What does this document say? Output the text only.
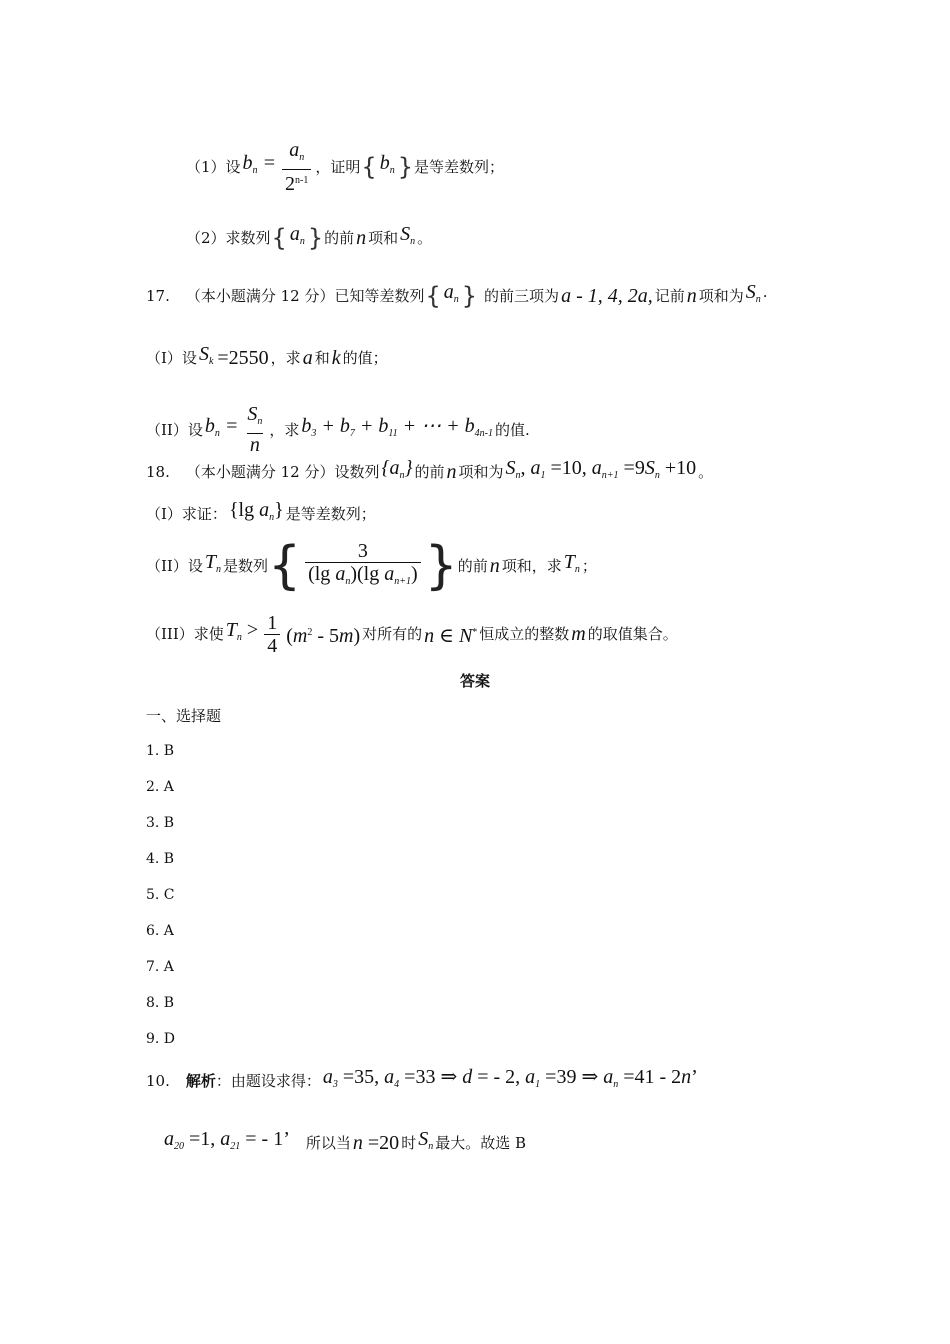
（1）设 $b_n = \frac{a_n}{2^{n-1}}$ ，证明 { $b_n$ } 是等差数列；
（2）求数列 { $a_n$ } 的前 n 项和 $S_n$ 。
17. （本小题满分 12 分）已知等差数列 { $a_n$ } 的前三项为 a - 1, 4, 2a, 记前 n 项和为 $S_n$ ·
（I）设 $S_k =2550$ ，求 a 和 k 的值；
（II）设 $b_n = \frac{S_n}{n}$ ，求 $b_3 + b_7 + b_{11}$ + ⋯ + $b_{4n-1}$ 的值.
18. （本小题满分 12 分）设数列 $\{a_n\}$ 的前 n 项和为 $S_n$, $a_1 =10$, $a_{n+1} =9S_n +10$ 。
（I）求证： {lg $a_n$} 是等差数列；
（II）设 $T_n$ 是数列 { $\frac{3}{(\lg a_n)(\lg a_{n+1})}$ } 的前 n 项和，求 $T_n$ ；
（III）求使 $T_n > \frac{1}{4} (m^2 - 5m)$ 对所有的 n ∈ N* 恒成立的整数 m 的取值集合。
答案
一、选择题
1. B
2. A
3. B
4. B
5. C
6. A
7. A
8. B
9. D
10. 解析 ：由题设求得： $a_3 =35$, $a_4 =33$ ⇒ d = - 2, $a_1 =39$ ⇒ $a_n =41 - 2n$’
$a_{20} =1$, $a_{21}$ = - 1’ 所以当 n =20 时 $S_n$ 最大。故选 B
